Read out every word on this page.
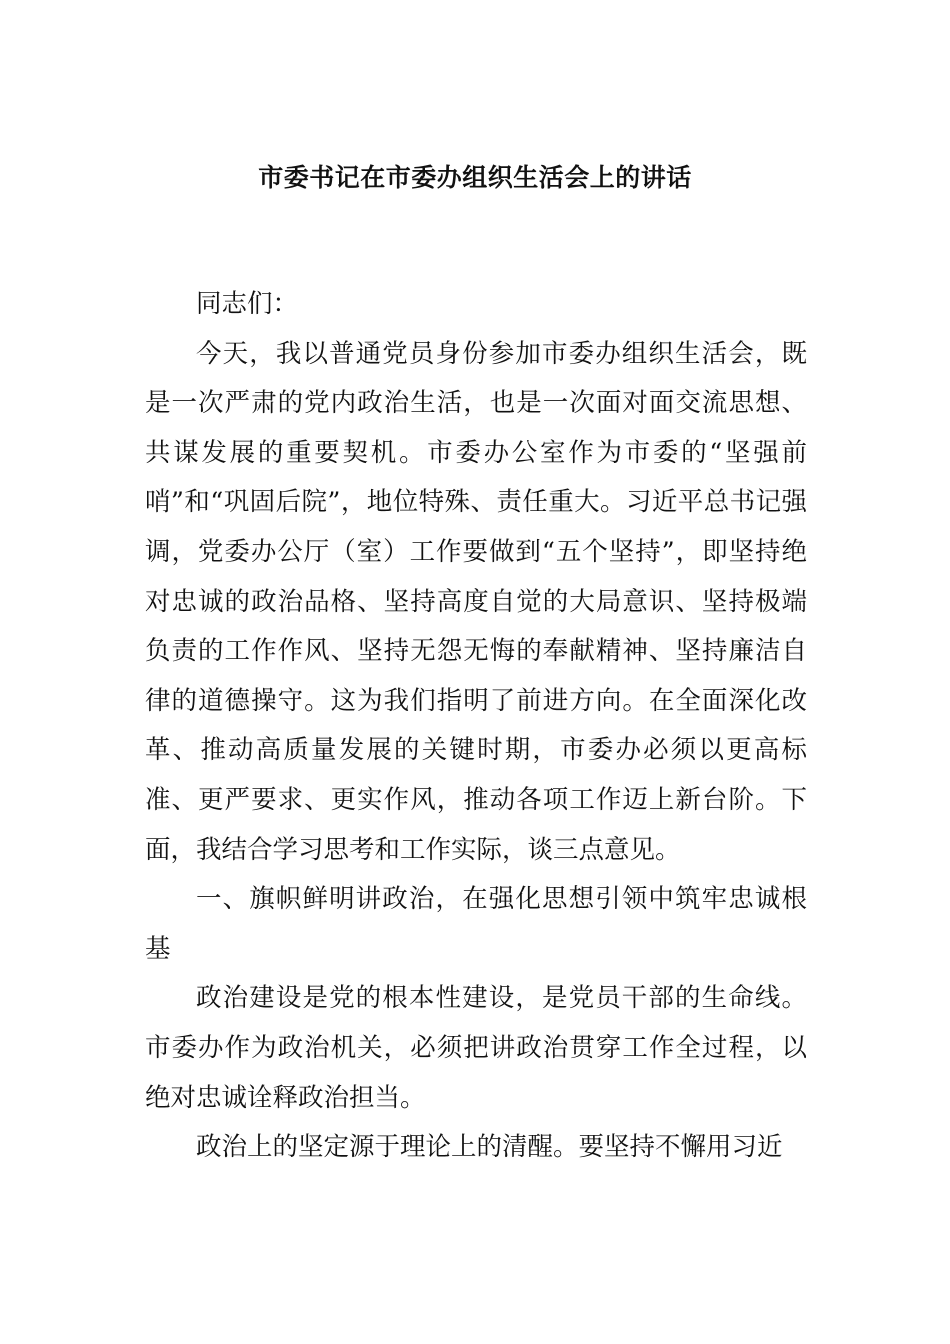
市委书记在市委办组织生活会上的讲话

同志们：

今天，我以普通党员身份参加市委办组织生活会，既是一次严肃的党内政治生活，也是一次面对面交流思想、共谋发展的重要契机。市委办公室作为市委的“坚强前哨”和“巩固后院”，地位特殊、责任重大。习近平总书记强调，党委办公厅（室）工作要做到“五个坚持”，即坚持绝对忠诚的政治品格、坚持高度自觉的大局意识、坚持极端负责的工作作风、坚持无怨无悔的奉献精神、坚持廉洁自律的道德操守。这为我们指明了前进方向。在全面深化改革、推动高质量发展的关键时期，市委办必须以更高标准、更严要求、更实作风，推动各项工作迈上新台阶。下面，我结合学习思考和工作实际，谈三点意见。

一、旗帜鲜明讲政治，在强化思想引领中筑牢忠诚根基

政治建设是党的根本性建设，是党员干部的生命线。市委办作为政治机关，必须把讲政治贯穿工作全过程，以绝对忠诚诠释政治担当。

政治上的坚定源于理论上的清醒。要坚持不懈用习近
